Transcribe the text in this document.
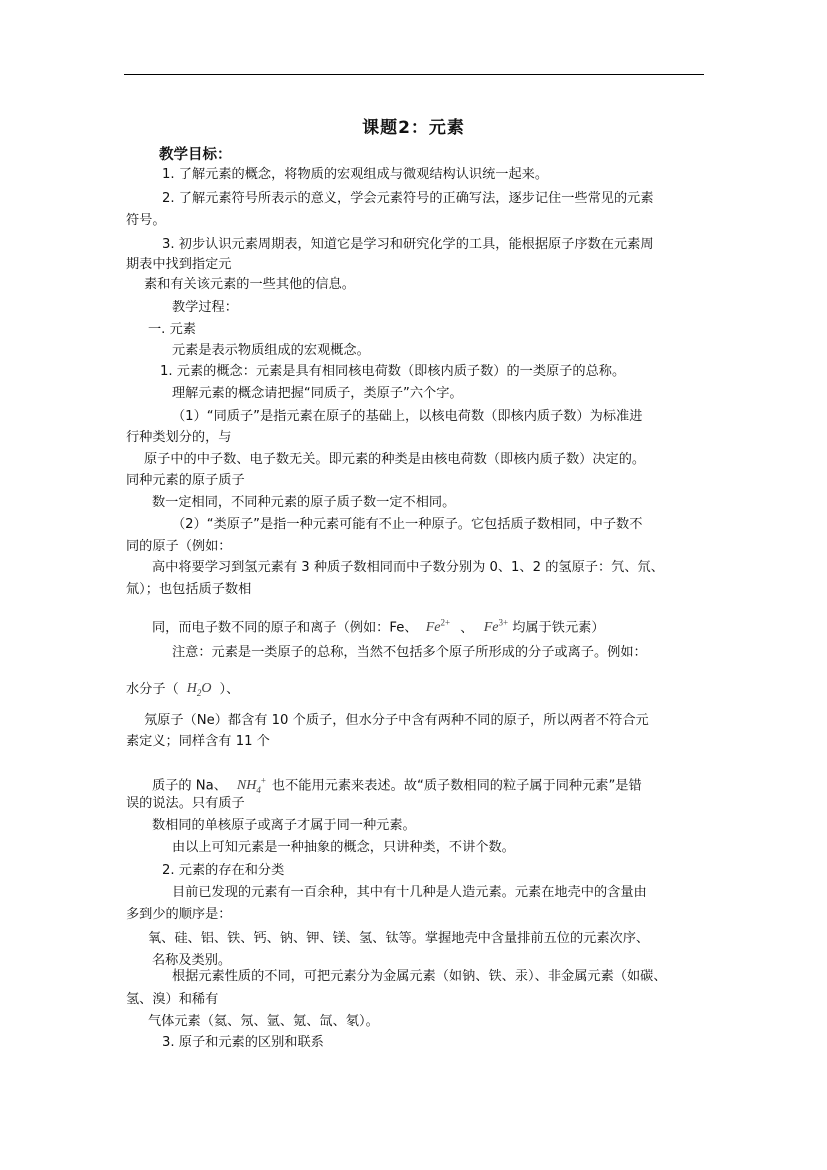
课题2：元素
教学目标：
1. 了解元素的概念，将物质的宏观组成与微观结构认识统一起来。
2. 了解元素符号所表示的意义，学会元素符号的正确写法，逐步记住一些常见的元素
符号。
3. 初步认识元素周期表，知道它是学习和研究化学的工具，能根据原子序数在元素周
期表中找到指定元
素和有关该元素的一些其他的信息。
教学过程：
一. 元素
元素是表示物质组成的宏观概念。
1. 元素的概念：元素是具有相同核电荷数（即核内质子数）的一类原子的总称。
理解元素的概念请把握“同质子，类原子”六个字。
（1）“同质子”是指元素在原子的基础上，以核电荷数（即核内质子数）为标准进
行种类划分的，与
原子中的中子数、电子数无关。即元素的种类是由核电荷数（即核内质子数）决定的。
同种元素的原子质子
数一定相同，不同种元素的原子质子数一定不相同。
（2）“类原子”是指一种元素可能有不止一种原子。它包括质子数相同，中子数不
同的原子（例如：
高中将要学习到氢元素有 3 种质子数相同而中子数分别为 0、1、2 的氢原子：氕、氘、
氚）；也包括质子数相
同，而电子数不同的原子和离子（例如：Fe、 $Fe^{2+}$ 、 $Fe^{3+}$ 均属于铁元素）
注意：元素是一类原子的总称，当然不包括多个原子所形成的分子或离子。例如：
水分子（ $H_2O$ ）、
氖原子（Ne）都含有 10 个质子，但水分子中含有两种不同的原子，所以两者不符合元
素定义；同样含有 11 个
质子的 Na、 $NH_4^+$ 也不能用元素来表述。故“质子数相同的粒子属于同种元素”是错
误的说法。只有质子
数相同的单核原子或离子才属于同一种元素。
由以上可知元素是一种抽象的概念，只讲种类，不讲个数。
2. 元素的存在和分类
目前已发现的元素有一百余种，其中有十几种是人造元素。元素在地壳中的含量由
多到少的顺序是：
氧、硅、铝、铁、钙、钠、钾、镁、氢、钛等。掌握地壳中含量排前五位的元素次序、
名称及类别。
根据元素性质的不同，可把元素分为金属元素（如钠、铁、汞）、非金属元素（如碳、
氢、溴）和稀有
气体元素（氦、氖、氩、氪、氙、氡）。
3. 原子和元素的区别和联系
